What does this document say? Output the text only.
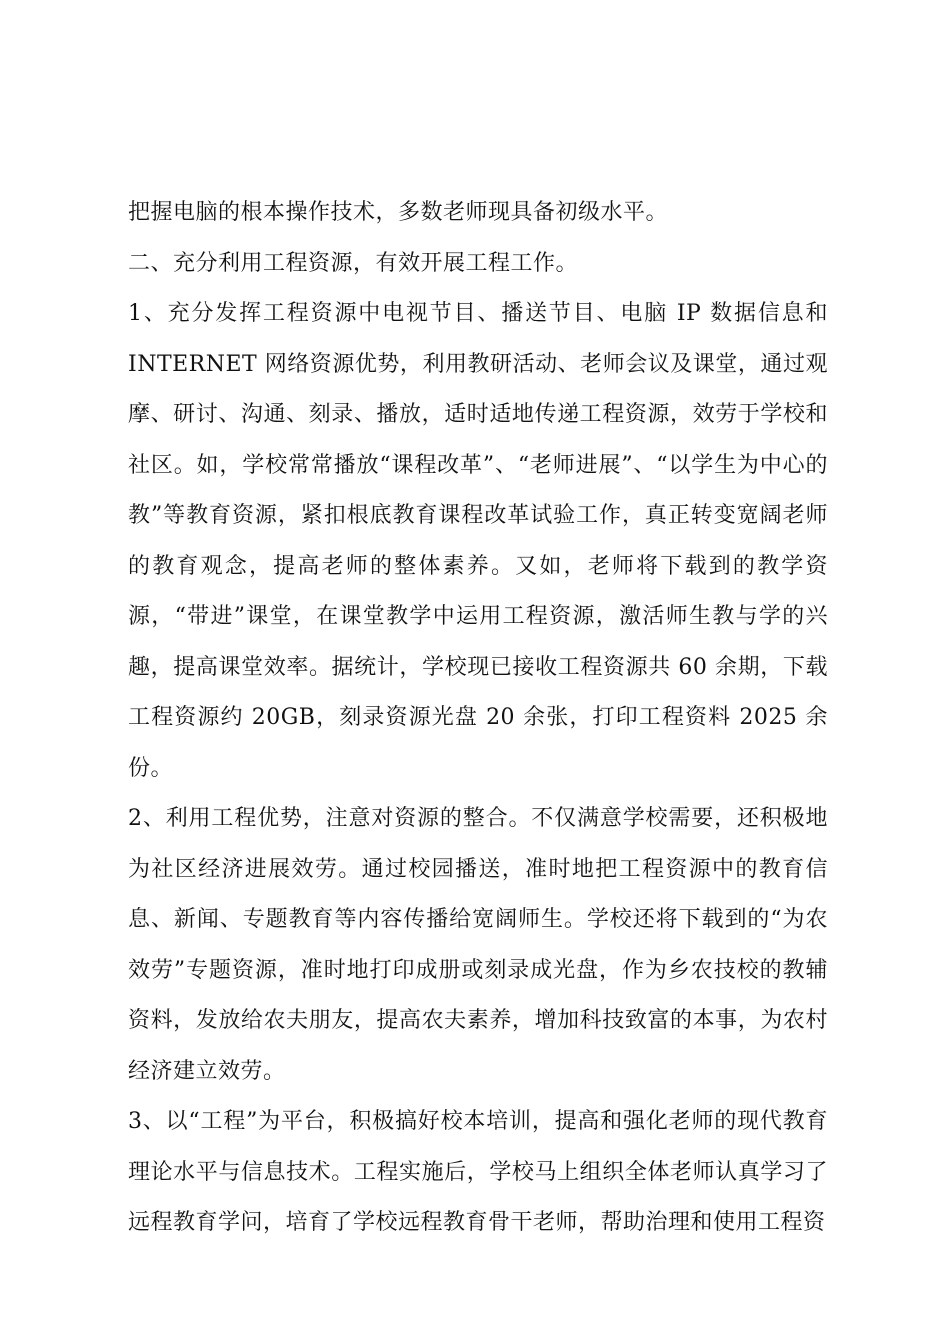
把握电脑的根本操作技术，多数老师现具备初级水平。

二、充分利用工程资源，有效开展工程工作。

1、充分发挥工程资源中电视节目、播送节目、电脑 IP 数据信息和 INTERNET 网络资源优势，利用教研活动、老师会议及课堂，通过观摩、研讨、沟通、刻录、播放，适时适地传递工程资源，效劳于学校和社区。如，学校常常播放“课程改革”、“老师进展”、“以学生为中心的教”等教育资源，紧扣根底教育课程改革试验工作，真正转变宽阔老师的教育观念，提高老师的整体素养。又如，老师将下载到的教学资源，“带进”课堂，在课堂教学中运用工程资源，激活师生教与学的兴趣，提高课堂效率。据统计，学校现已接收工程资源共 60 余期，下载工程资源约 20GB，刻录资源光盘 20 余张，打印工程资料 2025 余份。

2、利用工程优势，注意对资源的整合。不仅满意学校需要，还积极地为社区经济进展效劳。通过校园播送，准时地把工程资源中的教育信息、新闻、专题教育等内容传播给宽阔师生。学校还将下载到的“为农效劳”专题资源，准时地打印成册或刻录成光盘，作为乡农技校的教辅资料，发放给农夫朋友，提高农夫素养，增加科技致富的本事，为农村经济建立效劳。

3、以“工程”为平台，积极搞好校本培训，提高和强化老师的现代教育理论水平与信息技术。工程实施后，学校马上组织全体老师认真学习了远程教育学问，培育了学校远程教育骨干老师，帮助治理和使用工程资
